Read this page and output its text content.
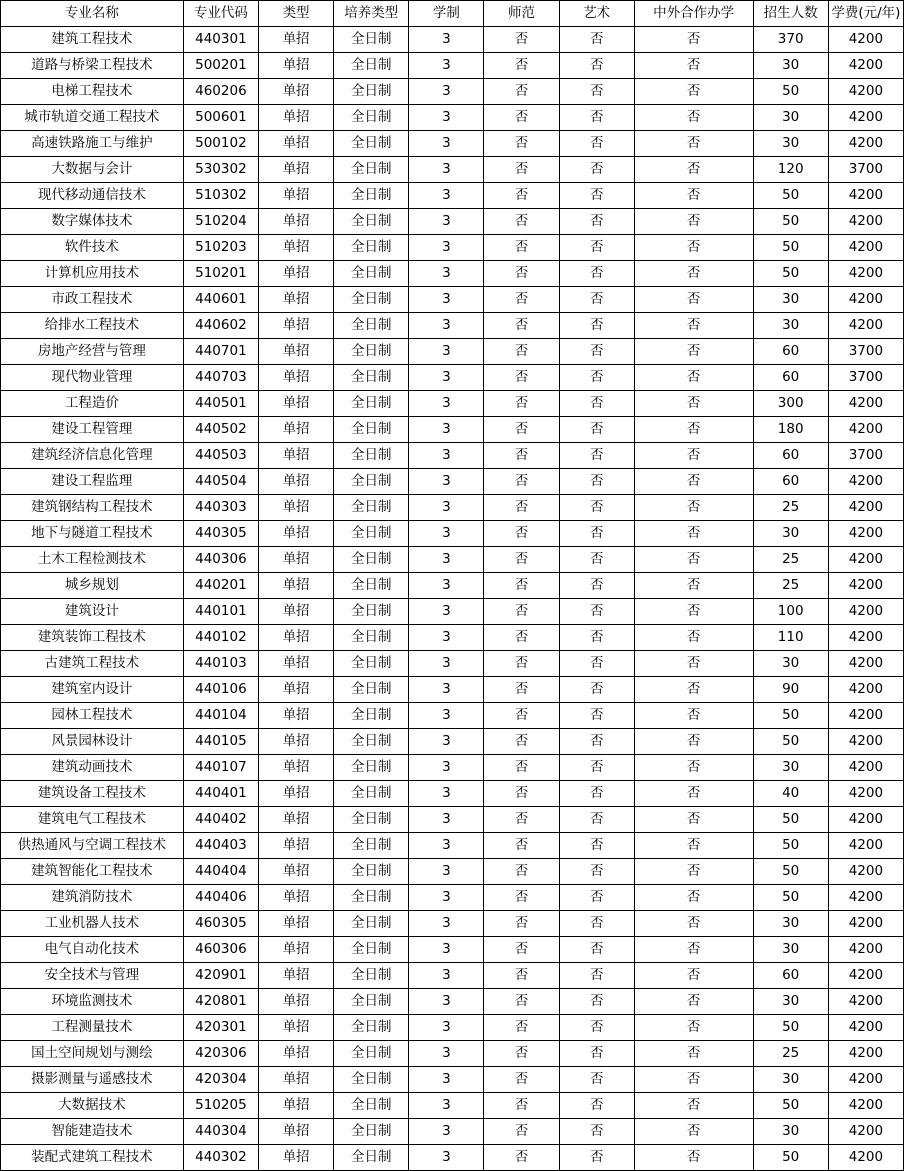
专业名称	专业代码	类型	培养类型	学制	师范	艺术	中外合作办学	招生人数	学费(元/年)
建筑工程技术	440301	单招	全日制	3	否	否	否	370	4200
道路与桥梁工程技术	500201	单招	全日制	3	否	否	否	30	4200
电梯工程技术	460206	单招	全日制	3	否	否	否	50	4200
城市轨道交通工程技术	500601	单招	全日制	3	否	否	否	30	4200
高速铁路施工与维护	500102	单招	全日制	3	否	否	否	30	4200
大数据与会计	530302	单招	全日制	3	否	否	否	120	3700
现代移动通信技术	510302	单招	全日制	3	否	否	否	50	4200
数字媒体技术	510204	单招	全日制	3	否	否	否	50	4200
软件技术	510203	单招	全日制	3	否	否	否	50	4200
计算机应用技术	510201	单招	全日制	3	否	否	否	50	4200
市政工程技术	440601	单招	全日制	3	否	否	否	30	4200
给排水工程技术	440602	单招	全日制	3	否	否	否	30	4200
房地产经营与管理	440701	单招	全日制	3	否	否	否	60	3700
现代物业管理	440703	单招	全日制	3	否	否	否	60	3700
工程造价	440501	单招	全日制	3	否	否	否	300	4200
建设工程管理	440502	单招	全日制	3	否	否	否	180	4200
建筑经济信息化管理	440503	单招	全日制	3	否	否	否	60	3700
建设工程监理	440504	单招	全日制	3	否	否	否	60	4200
建筑钢结构工程技术	440303	单招	全日制	3	否	否	否	25	4200
地下与隧道工程技术	440305	单招	全日制	3	否	否	否	30	4200
土木工程检测技术	440306	单招	全日制	3	否	否	否	25	4200
城乡规划	440201	单招	全日制	3	否	否	否	25	4200
建筑设计	440101	单招	全日制	3	否	否	否	100	4200
建筑装饰工程技术	440102	单招	全日制	3	否	否	否	110	4200
古建筑工程技术	440103	单招	全日制	3	否	否	否	30	4200
建筑室内设计	440106	单招	全日制	3	否	否	否	90	4200
园林工程技术	440104	单招	全日制	3	否	否	否	50	4200
风景园林设计	440105	单招	全日制	3	否	否	否	50	4200
建筑动画技术	440107	单招	全日制	3	否	否	否	30	4200
建筑设备工程技术	440401	单招	全日制	3	否	否	否	40	4200
建筑电气工程技术	440402	单招	全日制	3	否	否	否	50	4200
供热通风与空调工程技术	440403	单招	全日制	3	否	否	否	50	4200
建筑智能化工程技术	440404	单招	全日制	3	否	否	否	50	4200
建筑消防技术	440406	单招	全日制	3	否	否	否	50	4200
工业机器人技术	460305	单招	全日制	3	否	否	否	30	4200
电气自动化技术	460306	单招	全日制	3	否	否	否	30	4200
安全技术与管理	420901	单招	全日制	3	否	否	否	60	4200
环境监测技术	420801	单招	全日制	3	否	否	否	30	4200
工程测量技术	420301	单招	全日制	3	否	否	否	50	4200
国土空间规划与测绘	420306	单招	全日制	3	否	否	否	25	4200
摄影测量与遥感技术	420304	单招	全日制	3	否	否	否	30	4200
大数据技术	510205	单招	全日制	3	否	否	否	50	4200
智能建造技术	440304	单招	全日制	3	否	否	否	30	4200
装配式建筑工程技术	440302	单招	全日制	3	否	否	否	50	4200
